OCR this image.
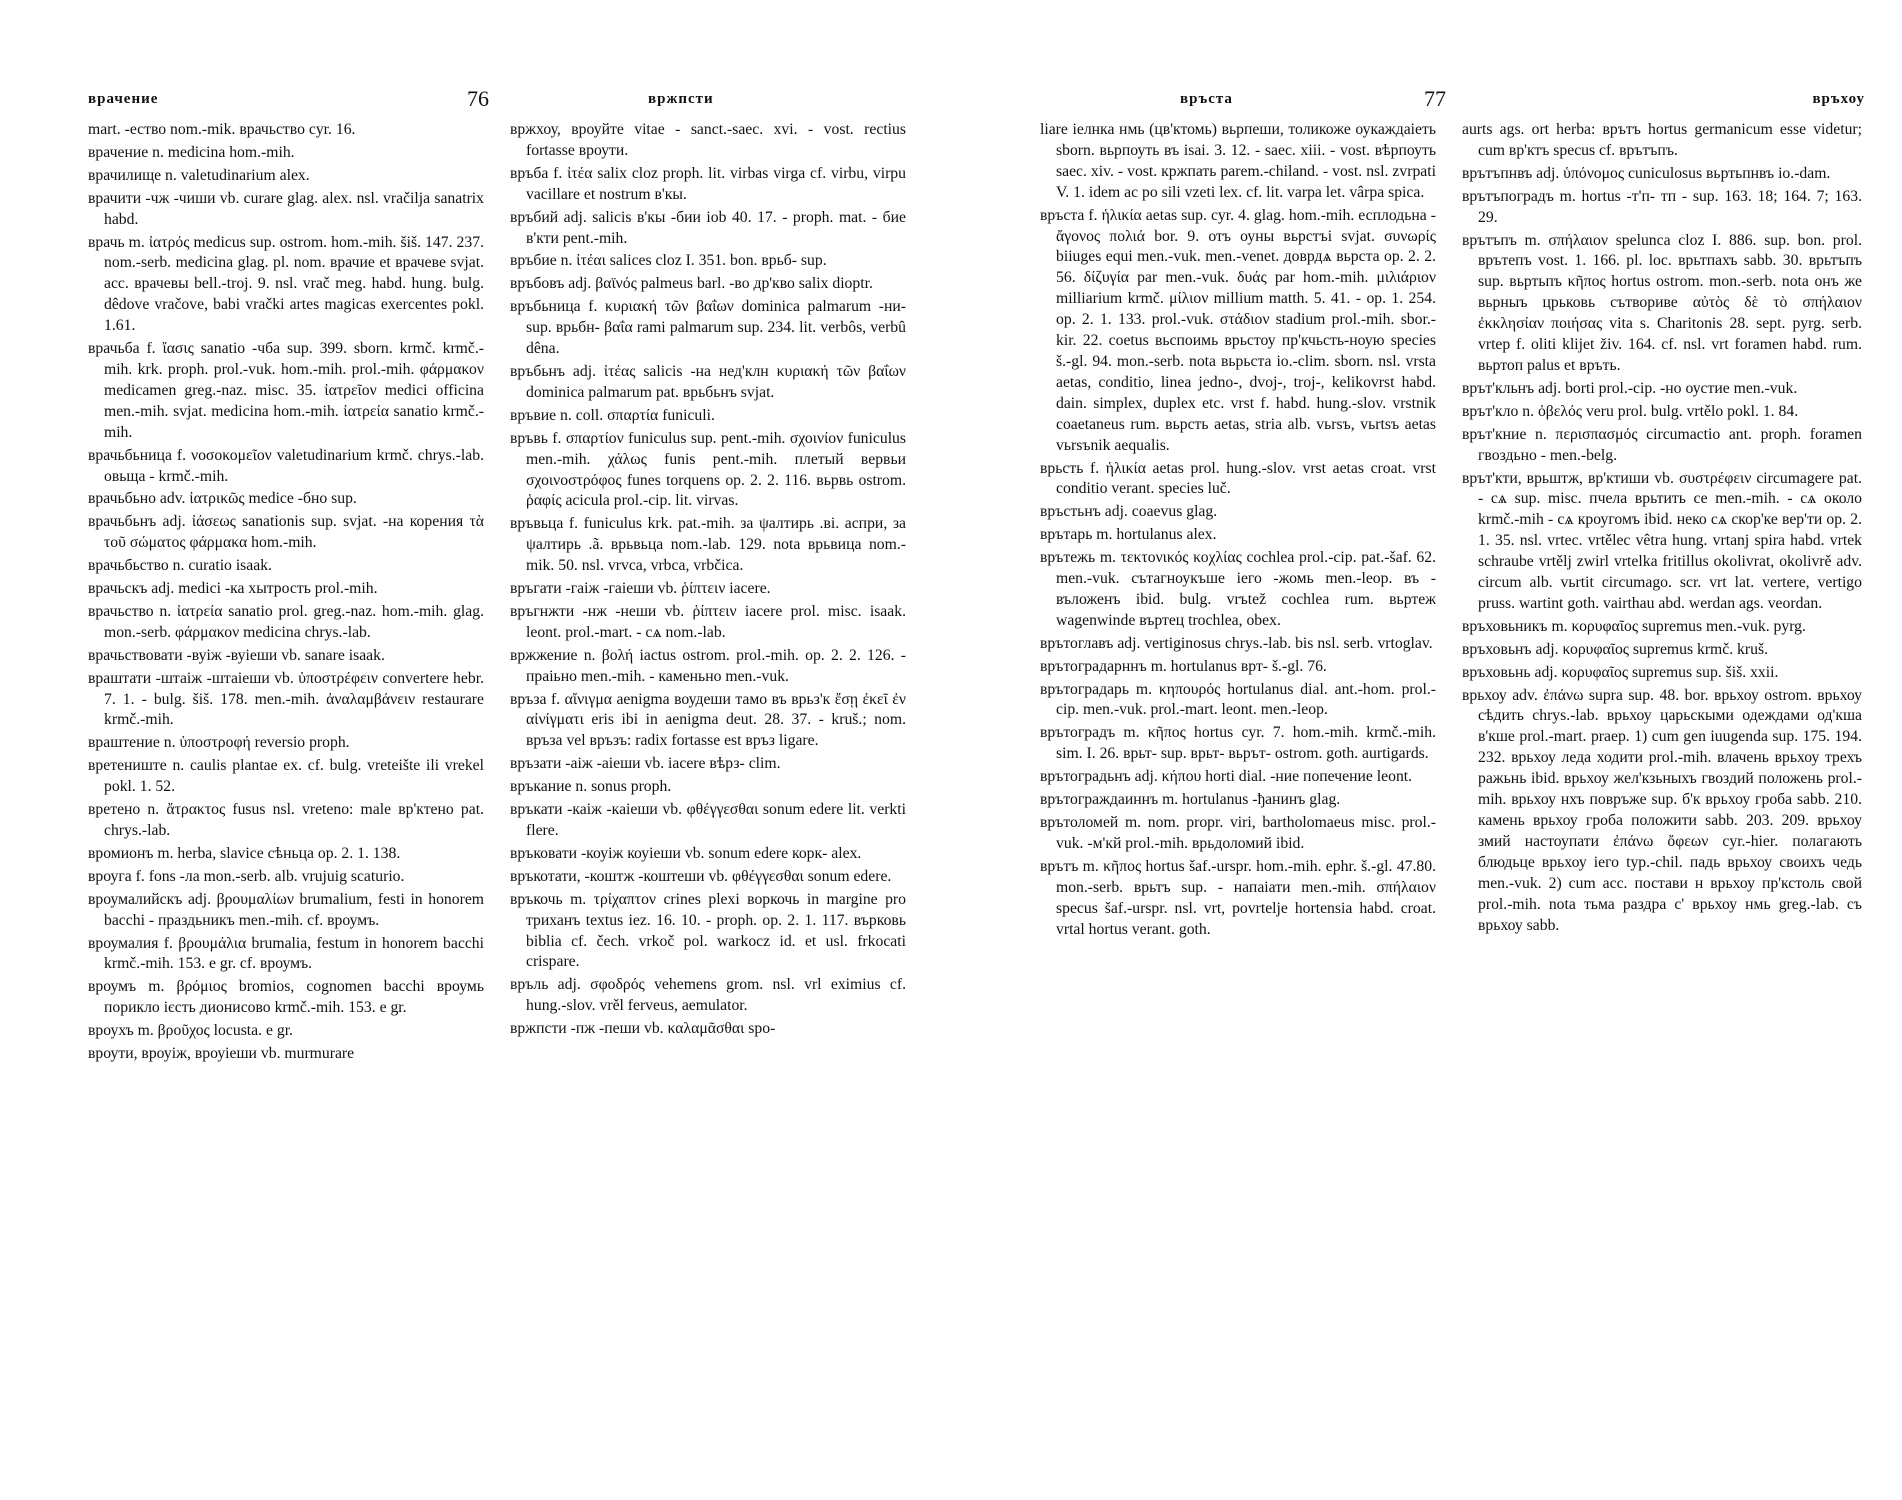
врачение	76	вржпсти

mart. -ество nom.-mik. врачьство cyr. 16.

врачение n. medicina hom.-mih.

врачилище n. valetudinarium alex.

врачити -чж -чиши vb. curare glag. alex. nsl. vračilja sanatrix habd.

врачь m. ἰατρός medicus sup. ostrom. hom.-mih. šiš. 147. 237. nom.-serb. medicina glag. pl. nom. врачие et врачеве svjat. acc. врачевы bell.-troj. 9. nsl. vrač meg. habd. hung. bulg. dêdove vračove, babi vrački artes magicas exercentes pokl. 1.61.

врачьба f. ἴασις sanatio -чба sup. 399. sborn. krmč. krmč.-mih. krk. proph. prol.-vuk. hom.-mih. prol.-mih. φάρμακον medicamen greg.-naz. misc. 35. ἰατρεῖον medici officina men.-mih. svjat. medicina hom.-mih. ἰατρεία sanatio krmč.-mih.

врачьбьница f. νοσοκομεῖον valetudinarium krmč. chrys.-lab. овьща - krmč.-mih.

врачьбьно adv. ἰατρικῶς medice -бно sup.

врачьбьнъ adj. ἰάσεως sanationis sup. svjat. -на корения τὰ τοῦ σώματος φάρμακα hom.-mih.

врачьбьство n. curatio isaak.

врачьскъ adj. medici -ка хытрость prol.-mih.

врачьство n. ἰατρεία sanatio prol. greg.-naz. hom.-mih. glag. mon.-serb. φάρμακον medicina chrys.-lab.

врачьствовати -вуіж -вуіеши vb. sanare isaak.

враштати -штаіж -штаіеши vb. ὑποστρέφειν convertere hebr. 7. 1. - bulg. šiš. 178. men.-mih. ἀναλαμβάνειν restaurare krmč.-mih.

враштение n. ὑποστροφή reversio proph.

вретениште n. caulis plantae ex. cf. bulg. vreteište ili vrekel pokl. 1. 52.

вретено n. ἄτρακτος fusus nsl. vreteno: male вр'ктено pat. chrys.-lab.

вромионъ m. herba, slavice сѣньца op. 2. 1. 138.

вроуга f. fons -ла mon.-serb. alb. vrujuig scaturio.

вроумалийскъ adj. βρουμαλίων brumalium, festi in honorem bacchi - праздьникъ men.-mih. cf. вроумъ.

вроумалия f. βρουμάλια brumalia, festum in honorem bacchi krmč.-mih. 153. e gr. cf. вроумъ.

вроумъ m. βρόμιος bromios, cognomen bacchi вроумь порикло ієсть дионисово krmč.-mih. 153. e gr.

вроухъ m. βροῦχος locusta. e gr.

вроути, вроуіж, вроуіеши vb. murmurare

вржхоу, вроуйте vitae - sanct.-saec. xvi. - vost. rectius fortasse вроути.

връба f. ἰτέα salix cloz proph. lit. virbas virga cf. virbu, virpu vacillare et nostrum в'кы.

връбий adj. salicis в'кы -бии iob 40. 17. - proph. mat. - бие в'кти pent.-mih.

връбие n. ἰτέαι salices cloz I. 351. bon. врьб- sup.

връбовъ adj. βαϊνός palmeus barl. -во др'кво salix dioptr.

връбьница f. κυριακή τῶν βαΐων dominica palmarum -ни- sup. врьбн- βαΐα rami palmarum sup. 234. lit. verbôs, verbû dêna.

връбьнъ adj. ἰτέας salicis -на нед'клн κυριακή τῶν βαΐων dominica palmarum pat. врьбьнъ svjat.

връвие n. coll. σπαρτία funiculi.

връвь f. σπαρτίον funiculus sup. pent.-mih. σχοινίον funiculus men.-mih. χάλως funis pent.-mih. плетый вервьи σχοινοστρόφος funes torquens op. 2. 2. 116. вьрвь ostrom. ῥαφίς acicula prol.-cip. lit. virvas.

връвьца f. funiculus krk. pat.-mih. за ψалтирь .ві. аспри, за ψалтирь .ã. врьвьца nom.-lab. 129. nota врьвица nom.-mik. 50. nsl. vrvca, vrbca, vrbčica.

връгати -гаіж -гаіеши vb. ῥίπτειν iacere.

връгнжти -нж -неши vb. ῥίπτειν iacere prol. misc. isaak. leont. prol.-mart. - сѧ nom.-lab.

вржжение n. βολή iactus ostrom. prol.-mih. op. 2. 2. 126. - праіьно men.-mih. - каменьно men.-vuk.

връза f. αἴνιγμα aenigma воудеши тамо въ врьз'к ἔσῃ ἐκεῖ ἐν αἰνίγματι eris ibi in aenigma deut. 28. 37. - kruš.; nom. връза vel връзъ: radix fortasse est връз ligare.

връзати -аіж -аіеши vb. iacere вѣрз- clim.

връкание n. sonus proph.

връкати -каіж -каіеши vb. φθέγγεσθαι sonum edere lit. verkti flere.

връковати -коуіж коуіеши vb. sonum edere корк- alex.

връкотати, -коштж -коштеши vb. φθέγγεσθαι sonum edere.

връкочь m. τρίχαπτον crines plexi воркочь in margine pro триханъ textus iez. 16. 10. - proph. op. 2. 1. 117. върковь biblia cf. čech. vrkoč pol. warkocz id. et usl. frkocati crispare.

връль adj. σφοδρός vehemens grom. nsl. vrl eximius cf. hung.-slov. vrěl ferveus, aemulator.

вржпсти -пж -пеши vb. καλαμᾶσθαι spo-

връста	77	връхоу

liare іелнка нмь (цв'ктомь) вьрпеши, толикоже оукаждаіеть sborn. вьрпоуть въ isai. 3. 12. - saec. xiii. - vost. вѣрпоуть saec. xiv. - vost. кржпать parem.-chiland. - vost. nsl. zvrpati V. 1. idem ac po sili vzeti lex. cf. lit. varpa let. vârpa spica.

връста f. ἡλικία aetas sup. cyr. 4. glag. hom.-mih. есплодьна - ἄγονος πολιά bor. 9. отъ оуны вьрстъі svjat. συνωρίς biiuges equi men.-vuk. men.-venet. доврдѧ вьрста op. 2. 2. 56. δίζυγία par men.-vuk. δυάς par hom.-mih. μιλιάριον milliarium krmč. μίλιον millium matth. 5. 41. - op. 1. 254. op. 2. 1. 133. prol.-vuk. στάδιον stadium prol.-mih. sbor.-kir. 22. coetus вьспоимь врьстоу пр'кчьсть-ноую species š.-gl. 94. mon.-serb. nota вьрьста io.-clim. sborn. nsl. vrsta aetas, conditio, linea jedno-, dvoj-, troj-, kelikovrst habd. dain. simplex, duplex etc. vrst f. habd. hung.-slov. vrstnik coaetaneus rum. вьрсть aetas, stria alb. vьrsъ, vьrtsъ aetas vьrsъnik aequalis.

врьсть f. ἡλικία aetas prol. hung.-slov. vrst aetas croat. vrst conditio verant. species luč.

връстьнъ adj. coaevus glag.

врътарь m. hortulanus alex.

врътежь m. τεκτονικός κοχλίας cochlea prol.-cip. pat.-šaf. 62. men.-vuk. сътагноукъше іего -жомь men.-leop. въ - въложенъ ibid. bulg. vrъtež cochlea rum. вьртеж wagenwinde въртец trochlea, obex.

врътоглавъ adj. vertiginosus chrys.-lab. bis nsl. serb. vrtoglav.

врътоградарннъ m. hortulanus врт- š.-gl. 76.

врътоградарь m. κηπουρός hortulanus dial. ant.-hom. prol.-cip. men.-vuk. prol.-mart. leont. men.-leop.

врътоградъ m. κῆπος hortus cyr. 7. hom.-mih. krmč.-mih. sim. I. 26. врьт- sup. врьт- вьрът- ostrom. goth. aurtigards.

врътоградьнъ adj. κήπου horti dial. -ние попечение leont.

врътограждаиннъ m. hortulanus -ђанинъ glag.

врътоломей m. nom. propr. viri, bartholomaeus misc. prol.-vuk. -м'кй prol.-mih. врьдоломий ibid.

врътъ m. κῆπος hortus šaf.-urspr. hom.-mih. ephr. š.-gl. 47.80. mon.-serb. врьтъ sup. - напаіати men.-mih. σπήλαιον specus šaf.-urspr. nsl. vrt, povrtelje hortensia habd. croat. vrtal hortus verant. goth.

aurts ags. ort herba: врътъ hortus germanicum esse videtur; cum вр'ктъ specus cf. врътъпъ.

врътъпнвъ adj. ὑπόνομος cuniculosus вьртьпнвъ io.-dam.

врътъпоградъ m. hortus -т'п- тп - sup. 163. 18; 164. 7; 163. 29.

врътъпъ m. σπήλαιον spelunca cloz I. 886. sup. bon. prol. врътепъ vost. 1. 166. pl. loc. врьтпахъ sabb. 30. врьтъпъ sup. вьртьпъ κῆπος hortus ostrom. mon.-serb. nota онъ же вьрныъ црьковь сътвориве αὐτὸς δὲ τὸ σπήλαιον ἐκκλησίαν ποιήσας vita s. Charitonis 28. sept. pyrg. serb. vrtep f. oliti klijet živ. 164. cf. nsl. vrt foramen habd. rum. вьртоп palus et връть.

врът'кльнъ adj. borti prol.-cip. -но оустие men.-vuk.

врът'кло n. ὀβελός veru prol. bulg. vrtělo pokl. 1. 84.

врът'кние n. περισπασμός circumactio ant. proph. foramen гвоздьно - men.-belg.

врът'кти, врьштж, вр'ктиши vb. συστρέφειν circumagere pat. - сѧ sup. misc. пчела врьтить се men.-mih. - сѧ около krmč.-mih - сѧ кроугомъ ibid. неко сѧ скор'ке вер'ти op. 2. 1. 35. nsl. vrtec. vrtělec vêtra hung. vrtanj spira habd. vrtek schraube vrtělj zwirl vrtelka fritillus okolivrat, okolivrě adv. circum alb. vьrtit circumago. scr. vrt lat. vertere, vertigo pruss. wartint goth. vairthau abd. werdan ags. veordan.

връховьникъ m. κορυφαῖος supremus men.-vuk. pyrg.

връховьнъ adj. κορυφαῖος supremus krmč. kruš.

връховьнь adj. κορυφαῖος supremus sup. šiš. xxii.

врьхоу adv. ἐπάνω supra sup. 48. bor. врьхоу ostrom. врьхоу сѣдить chrys.-lab. врьхоу царьскыми одеждами од'кша в'кше prol.-mart. praep. 1) cum gen iuugenda sup. 175. 194. 232. врьхоу леда ходити prol.-mih. влачень врьхоу трехъ ражьнь ibid. врьхоу жел'кзьныхъ гвоздий положень prol.-mih. врьхоу нхъ повръже sup. б'к врьхоу гроба sabb. 210. камень врьхоу гроба положити sabb. 203. 209. врьхоу змий настоупати ἐπάνω ὄφεων cyr.-hier. полагають блюдьце врьхоу іего typ.-chil. падь врьхоу своихъ чедь men.-vuk. 2) cum acc. постави н врьхоу пр'кстоль свой prol.-mih. nota тьма раздра с' врьхоу нмь greg.-lab. съ врьхоу sabb.
